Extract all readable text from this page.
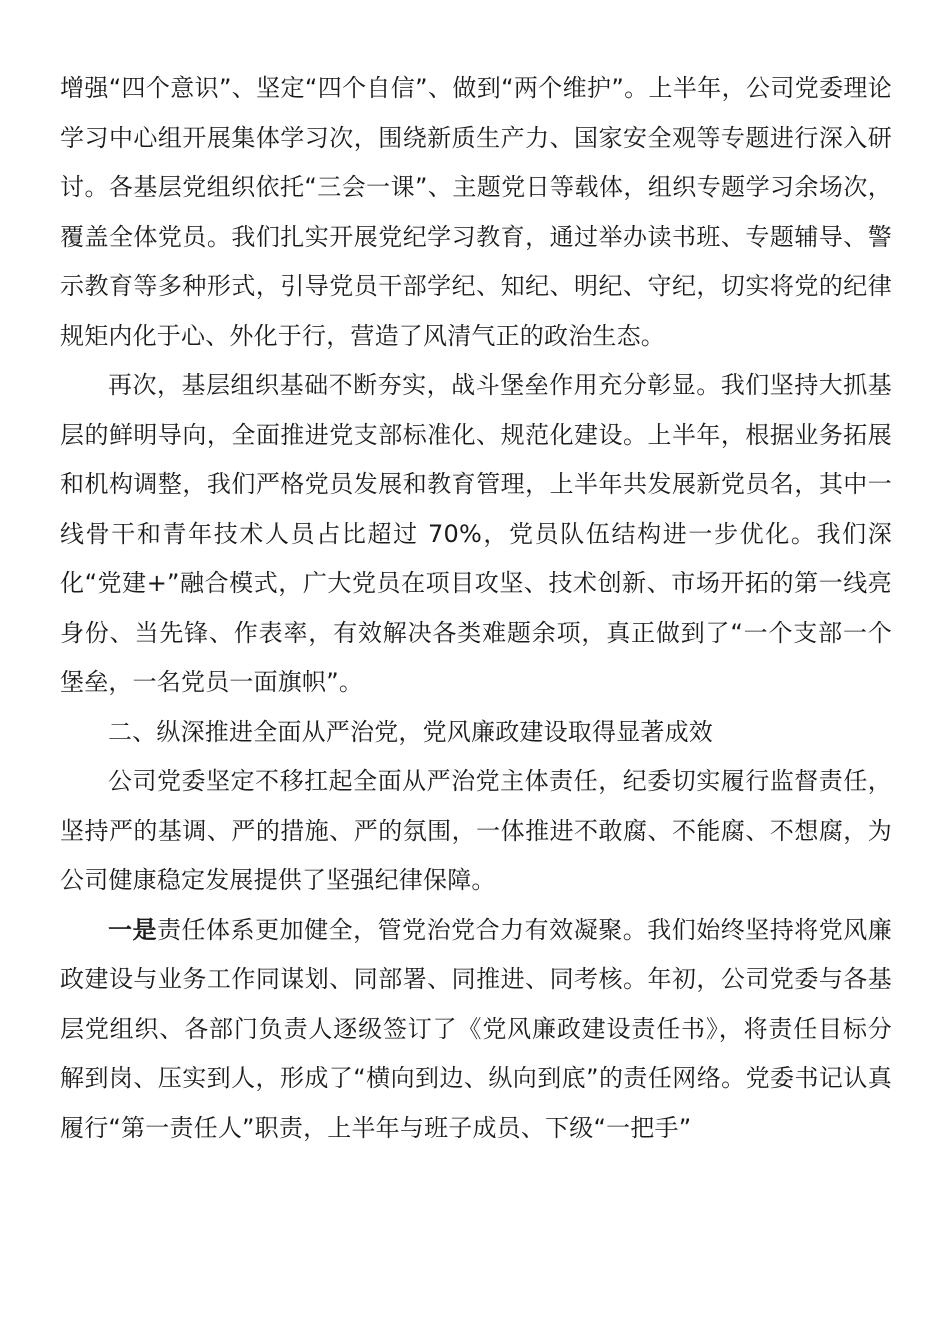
增强“四个意识”、坚定“四个自信”、做到“两个维护”。上半年，公司党委理论学习中心组开展集体学习次，围绕新质生产力、国家安全观等专题进行深入研讨。各基层党组织依托“三会一课”、主题党日等载体，组织专题学习余场次，覆盖全体党员。我们扎实开展党纪学习教育，通过举办读书班、专题辅导、警示教育等多种形式，引导党员干部学纪、知纪、明纪、守纪，切实将党的纪律规矩内化于心、外化于行，营造了风清气正的政治生态。

再次，基层组织基础不断夯实，战斗堡垒作用充分彰显。我们坚持大抓基层的鲜明导向，全面推进党支部标准化、规范化建设。上半年，根据业务拓展和机构调整，我们严格党员发展和教育管理，上半年共发展新党员名，其中一线骨干和青年技术人员占比超过 70%，党员队伍结构进一步优化。我们深化“党建+”融合模式，广大党员在项目攻坚、技术创新、市场开拓的第一线亮身份、当先锋、作表率，有效解决各类难题余项，真正做到了“一个支部一个堡垒，一名党员一面旗帜”。

二、纵深推进全面从严治党，党风廉政建设取得显著成效

公司党委坚定不移扛起全面从严治党主体责任，纪委切实履行监督责任，坚持严的基调、严的措施、严的氛围，一体推进不敢腐、不能腐、不想腐，为公司健康稳定发展提供了坚强纪律保障。

一是责任体系更加健全，管党治党合力有效凝聚。我们始终坚持将党风廉政建设与业务工作同谋划、同部署、同推进、同考核。年初，公司党委与各基层党组织、各部门负责人逐级签订了《党风廉政建设责任书》，将责任目标分解到岗、压实到人，形成了“横向到边、纵向到底”的责任网络。党委书记认真履行“第一责任人”职责，上半年与班子成员、下级“一把手”
